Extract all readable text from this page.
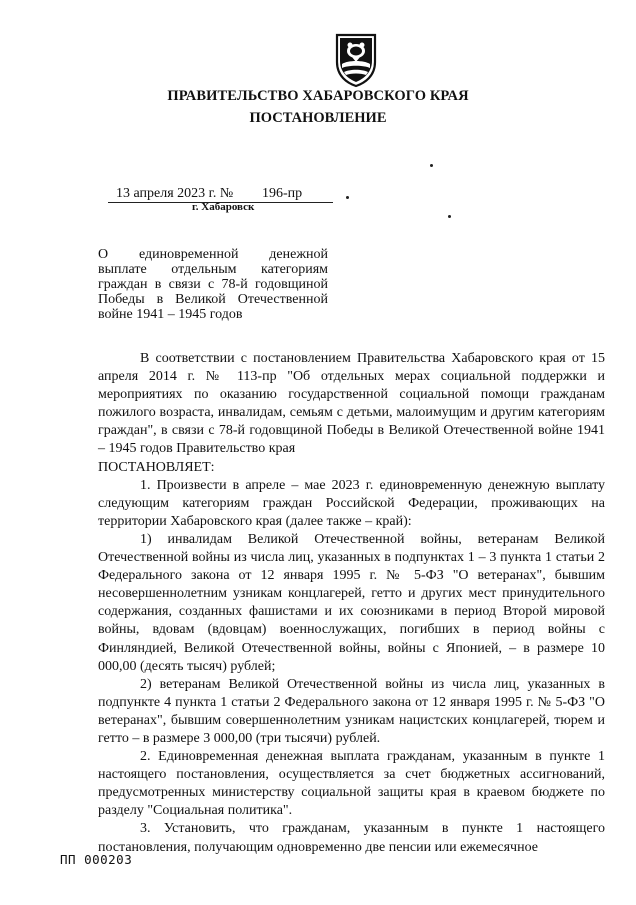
ПРАВИТЕЛЬСТВО ХАБАРОВСКОГО КРАЯ
ПОСТАНОВЛЕНИЕ
13 апреля 2023 г. № 196-пр
г. Хабаровск
О единовременной денежной
выплате отдельным категориям
граждан в связи с 78-й годовщиной
Победы в Великой Отечественной
войне 1941 – 1945 годов

В соответствии с постановлением Правительства Хабаровского края от 15 апреля 2014 г. № 113-пр "Об отдельных мерах социальной поддержки и мероприятиях по оказанию государственной социальной помощи гражданам пожилого возраста, инвалидам, семьям с детьми, малоимущим и другим категориям граждан", в связи с 78-й годовщиной Победы в Великой Отечественной войне 1941 – 1945 годов Правительство края

ПОСТАНОВЛЯЕТ:

1. Произвести в апреле – мае 2023 г. единовременную денежную выплату следующим категориям граждан Российской Федерации, проживающих на территории Хабаровского края (далее также – край):

1) инвалидам Великой Отечественной войны, ветеранам Великой Отечественной войны из числа лиц, указанных в подпунктах 1 – 3 пункта 1 статьи 2 Федерального закона от 12 января 1995 г. № 5-ФЗ "О ветеранах", бывшим несовершеннолетним узникам концлагерей, гетто и других мест принудительного содержания, созданных фашистами и их союзниками в период Второй мировой войны, вдовам (вдовцам) военнослужащих, погибших в период войны с Финляндией, Великой Отечественной войны, войны с Японией, – в размере 10 000,00 (десять тысяч) рублей;

2) ветеранам Великой Отечественной войны из числа лиц, указанных в подпункте 4 пункта 1 статьи 2 Федерального закона от 12 января 1995 г. № 5-ФЗ "О ветеранах", бывшим совершеннолетним узникам нацистских концлагерей, тюрем и гетто – в размере 3 000,00 (три тысячи) рублей.

2. Единовременная денежная выплата гражданам, указанным в пункте 1 настоящего постановления, осуществляется за счет бюджетных ассигнований, предусмотренных министерству социальной защиты края в краевом бюджете по разделу "Социальная политика".

3. Установить, что гражданам, указанным в пункте 1 настоящего постановления, получающим одновременно две пенсии или ежемесячное

ПП 000203
